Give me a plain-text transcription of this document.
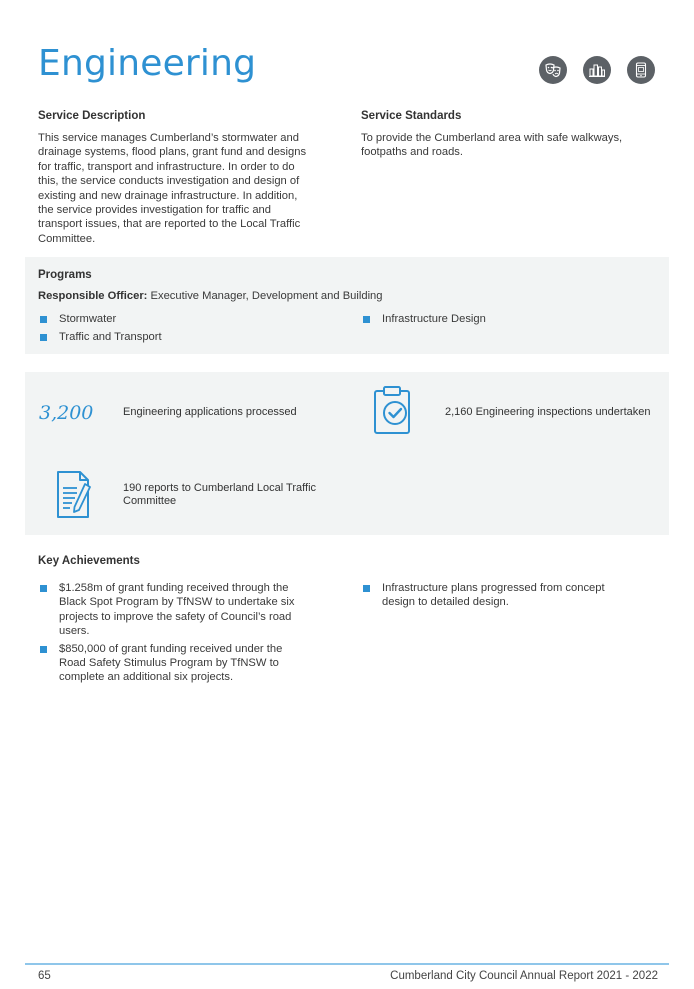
Engineering
Service Description
This service manages Cumberland’s stormwater and
drainage systems, flood plans, grant fund and designs
for traffic, transport and infrastructure. In order to do
this, the service conducts investigation and design of
existing and new drainage infrastructure. In addition,
the service provides investigation for traffic and
transport issues, that are reported to the Local Traffic
Committee.
Service Standards
To provide the Cumberland area with safe walkways,
footpaths and roads.
Programs
Responsible Officer: Executive Manager, Development and Building
Stormwater
Traffic and Transport
Infrastructure Design
3,200	Engineering applications processed	2,160 Engineering inspections undertaken
190 reports to Cumberland Local Traffic
Committee
Key Achievements
$1.258m of grant funding received through the
Black Spot Program by TfNSW to undertake six
projects to improve the safety of Council’s road
users.
$850,000 of grant funding received under the
Road Safety Stimulus Program by TfNSW to
complete an additional six projects.
Infrastructure plans progressed from concept
design to detailed design.
65	Cumberland City Council Annual Report 2021 - 2022
